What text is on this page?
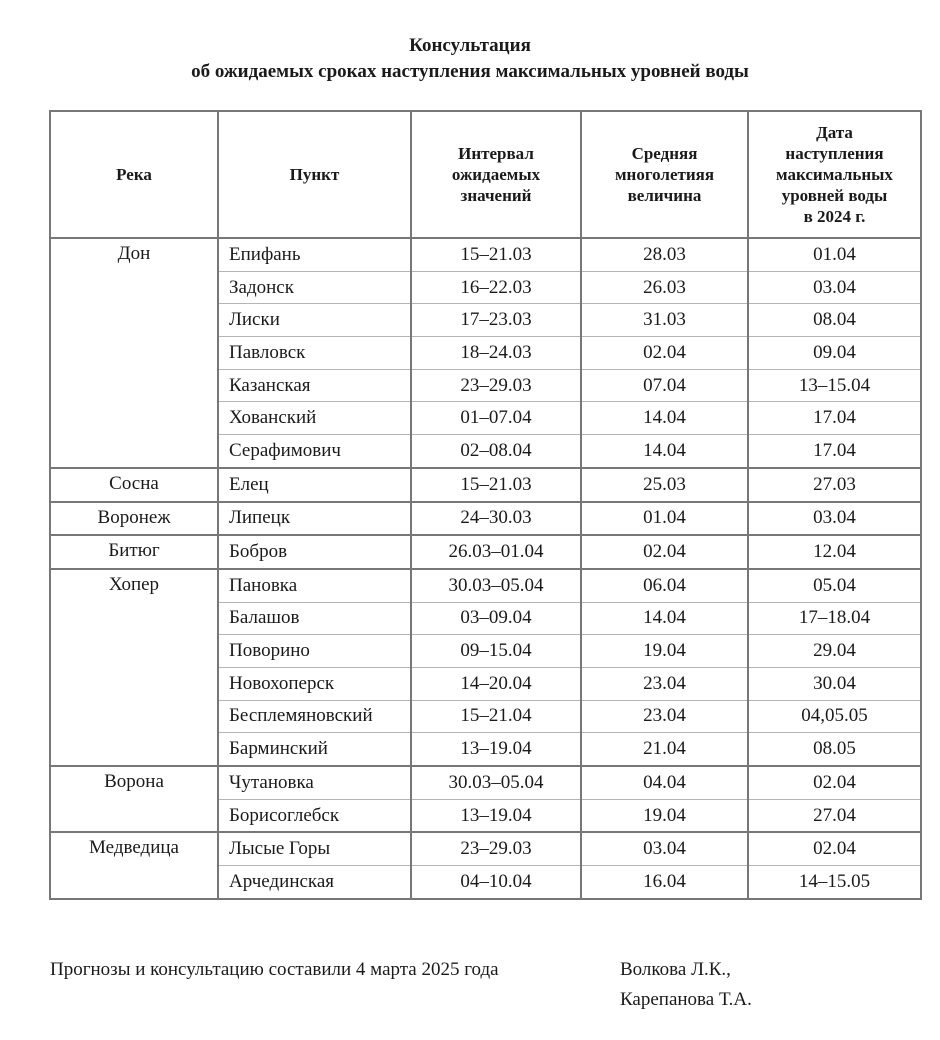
Консультация
об ожидаемых сроках наступления максимальных уровней воды
Река	Пункт	Интервал
ожидаемых
значений	Средняя
многолетияя
величина	Дата
наступления
максимальных
уровней воды
в 2024 г.

Дон	Епифань	15–21.03	28.03	01.04
	Задонск	16–22.03	26.03	03.04
	Лиски	17–23.03	31.03	08.04
	Павловск	18–24.03	02.04	09.04
	Казанская	23–29.03	07.04	13–15.04
	Хованский	01–07.04	14.04	17.04
	Серафимович	02–08.04	14.04	17.04
Сосна	Елец	15–21.03	25.03	27.03
Воронеж	Липецк	24–30.03	01.04	03.04
Битюг	Бобров	26.03–01.04	02.04	12.04
Хопер	Пановка	30.03–05.04	06.04	05.04
	Балашов	03–09.04	14.04	17–18.04
	Поворино	09–15.04	19.04	29.04
	Новохоперск	14–20.04	23.04	30.04
	Бесплемяновский	15–21.04	23.04	04,05.05
	Барминский	13–19.04	21.04	08.05
Ворона	Чутановка	30.03–05.04	04.04	02.04
	Борисоглебск	13–19.04	19.04	27.04
Медведица	Лысые Горы	23–29.03	03.04	02.04
	Арчединская	04–10.04	16.04	14–15.05
Прогнозы и консультацию составили 4 марта 2025 года	Волкова Л.К.,
Карепанова Т.А.
